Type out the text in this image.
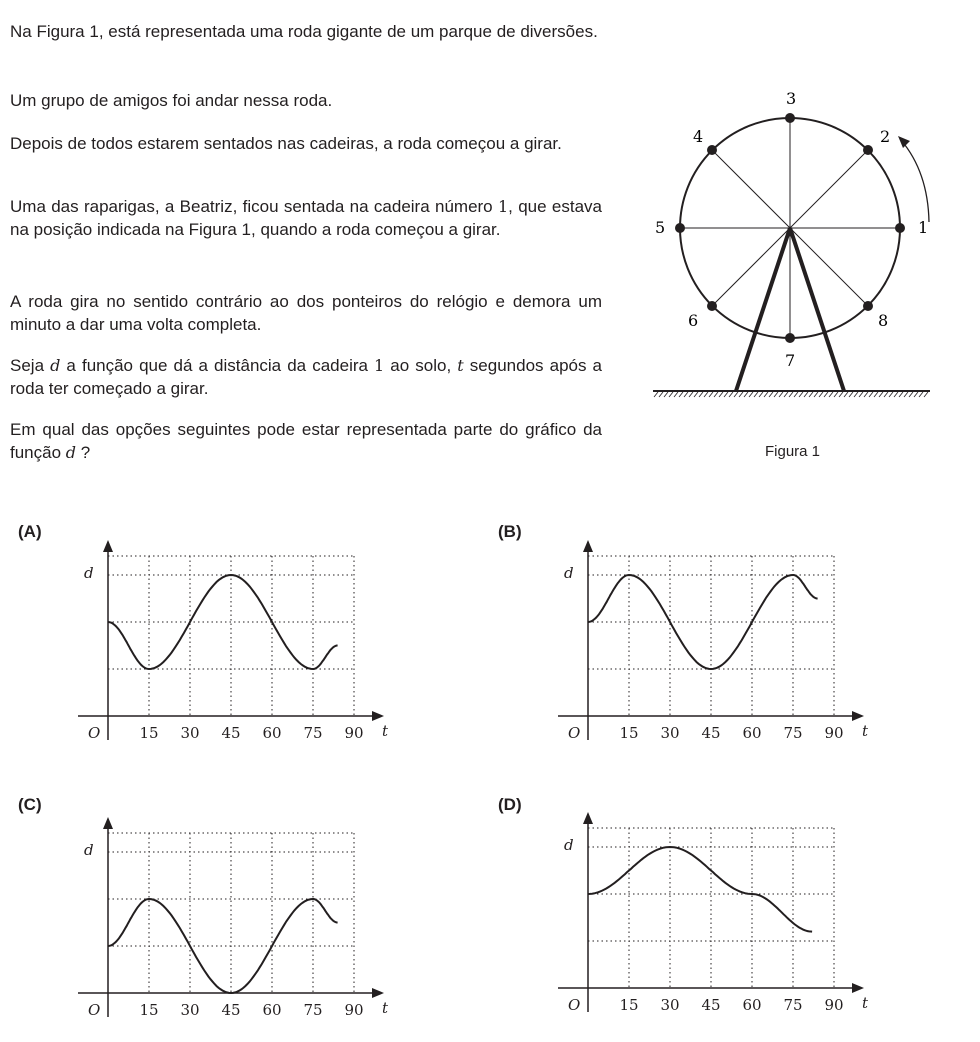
Na Figura 1, está representada uma roda gigante de um parque de diversões.

Um grupo de amigos foi andar nessa roda.

Depois de todos estarem sentados nas cadeiras, a roda começou a girar.

Uma das raparigas, a Beatriz, ficou sentada na cadeira número 1, que estava na posição indicada na Figura 1, quando a roda começou a girar.

A roda gira no sentido contrário ao dos ponteiros do relógio e demora um minuto a dar uma volta completa.

Seja d a função que dá a distância da cadeira 1 ao solo, t segundos após a roda ter começado a girar.

Em qual das opções seguintes pode estar representada parte do gráfico da função d ?

1
2
3
4
5
6
7
8
Figura 1
(A)	(B)
(C)	(D)
d
O	15 30 45 60 75 90 t
d
O	15 30 45 60 75 90 t
d
O	15 30 45 60 75 90 t
d
O	15 30 45 60 75 90 t
